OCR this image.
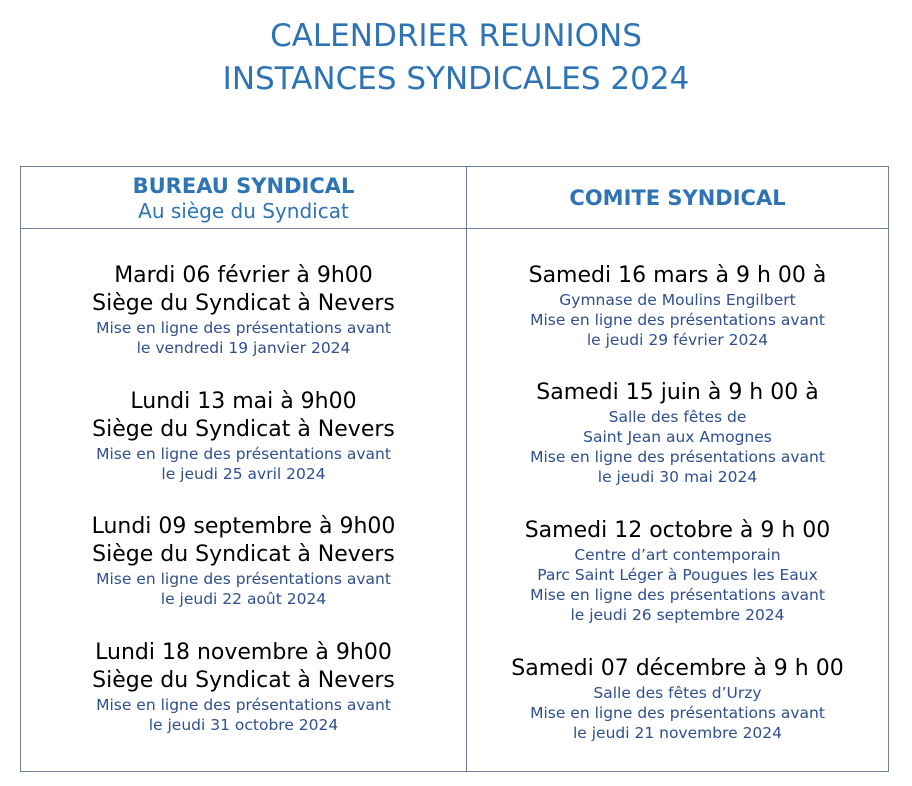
CALENDRIER REUNIONS
INSTANCES SYNDICALES 2024
BUREAU SYNDICAL
Au siège du Syndicat
COMITE SYNDICAL
Mardi 06 février à 9h00
Siège du Syndicat à Nevers
Mise en ligne des présentations avant
le vendredi 19 janvier 2024
Lundi 13 mai à 9h00
Siège du Syndicat à Nevers
Mise en ligne des présentations avant
le jeudi 25 avril 2024
Lundi 09 septembre à 9h00
Siège du Syndicat à Nevers
Mise en ligne des présentations avant
le jeudi 22 août 2024
Lundi 18 novembre à 9h00
Siège du Syndicat à Nevers
Mise en ligne des présentations avant
le jeudi 31 octobre 2024
Samedi 16 mars à 9 h 00 à
Gymnase de Moulins Engilbert
Mise en ligne des présentations avant
le jeudi 29 février 2024
Samedi 15 juin à 9 h 00 à
Salle des fêtes de
Saint Jean aux Amognes
Mise en ligne des présentations avant
le jeudi 30 mai 2024
Samedi 12 octobre à 9 h 00
Centre d’art contemporain
Parc Saint Léger à Pougues les Eaux
Mise en ligne des présentations avant
le jeudi 26 septembre 2024
Samedi 07 décembre à 9 h 00
Salle des fêtes d’Urzy
Mise en ligne des présentations avant
le jeudi 21 novembre 2024
